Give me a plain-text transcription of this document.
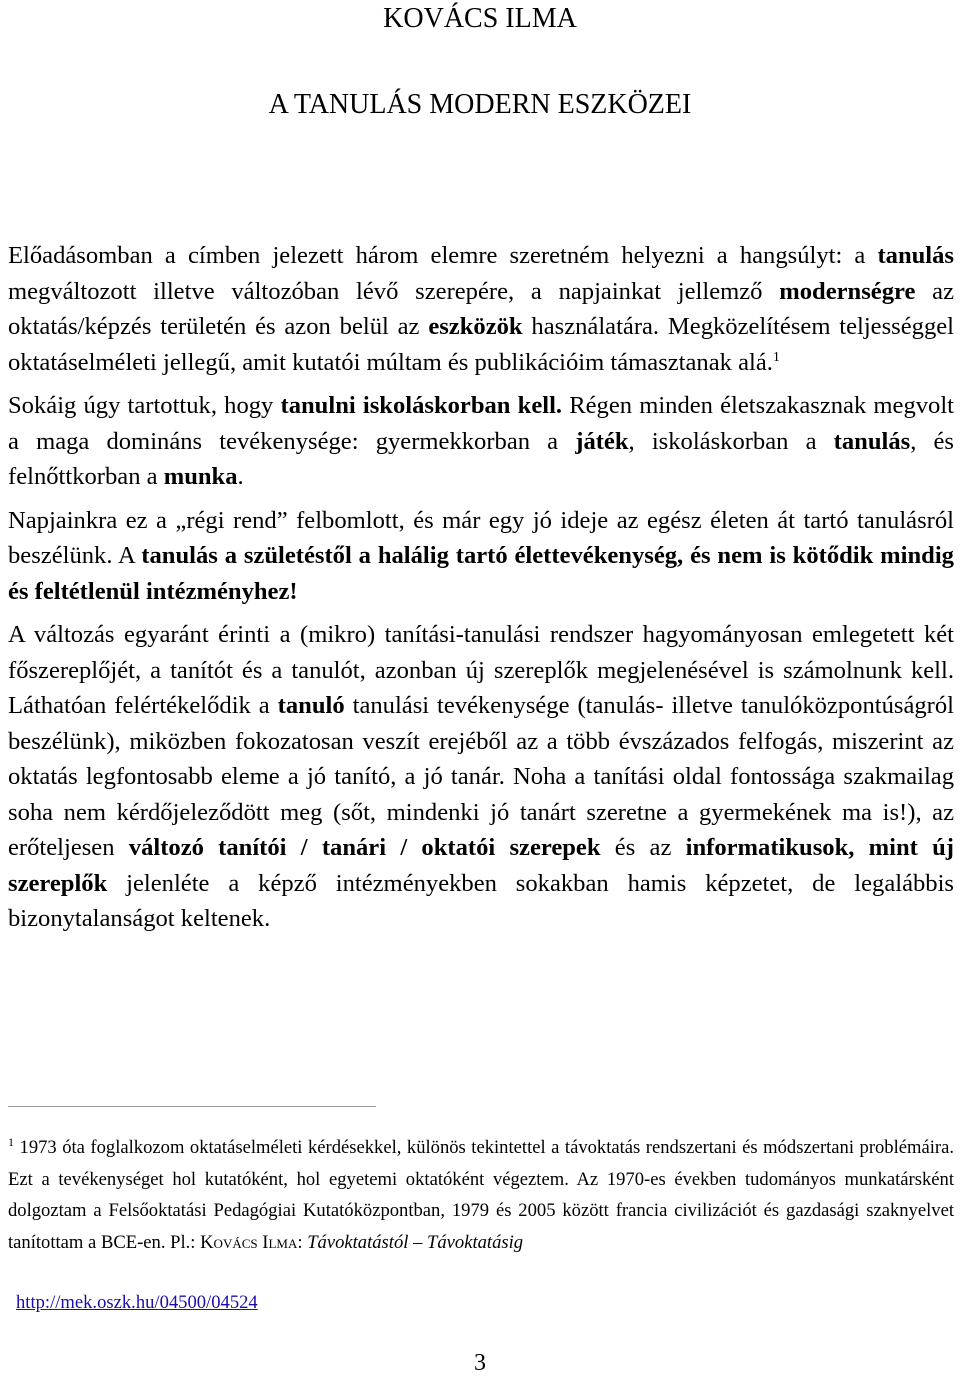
KOVÁCS ILMA
A TANULÁS MODERN ESZKÖZEI

Előadásomban a címben jelezett három elemre szeretném helyezni a hangsúlyt: a tanulás megváltozott illetve változóban lévő szerepére, a napjainkat jellemző modernségre az oktatás/képzés területén és azon belül az eszközök használatára. Megközelítésem teljességgel oktatáselméleti jellegű, amit kutatói múltam és publikációim támasztanak alá.$^1$

Sokáig úgy tartottuk, hogy tanulni iskoláskorban kell. Régen minden életszakasznak megvolt a maga domináns tevékenysége: gyermekkorban a játék, iskoláskorban a tanulás, és felnőttkorban a munka.

Napjainkra ez a „régi rend” felbomlott, és már egy jó ideje az egész életen át tartó tanulásról beszélünk. A tanulás a születéstől a halálig tartó élettevékenység, és nem is kötődik mindig és feltétlenül intézményhez!

A változás egyaránt érinti a (mikro) tanítási-tanulási rendszer hagyományosan emlegetett két főszereplőjét, a tanítót és a tanulót, azonban új szereplők megjelenésével is számolnunk kell. Láthatóan felértékelődik a tanuló tanulási tevékenysége (tanulás- illetve tanulóközpontúságról beszélünk), miközben fokozatosan veszít erejéből az a több évszázados felfogás, miszerint az oktatás legfontosabb eleme a jó tanító, a jó tanár. Noha a tanítási oldal fontossága szakmailag soha nem kérdőjeleződött meg (sőt, mindenki jó tanárt szeretne a gyermekének ma is!), az erőteljesen változó tanítói / tanári / oktatói szerepek és az informatikusok, mint új szereplők jelenléte a képző intézményekben sokakban hamis képzetet, de legalábbis bizonytalanságot keltenek.

$^1$ 1973 óta foglalkozom oktatáselméleti kérdésekkel, különös tekintettel a távoktatás rendszertani és módszertani problémáira. Ezt a tevékenységet hol kutatóként, hol egyetemi oktatóként végeztem. Az 1970-es években tudományos munkatársként dolgoztam a Felsőoktatási Pedagógiai Kutatóközpontban, 1979 és 2005 között francia civilizációt és gazdasági szaknyelvet tanítottam a BCE-en. Pl.: Kovács Ilma: Távoktatástól – Távoktatásig
http://mek.oszk.hu/04500/04524
3
